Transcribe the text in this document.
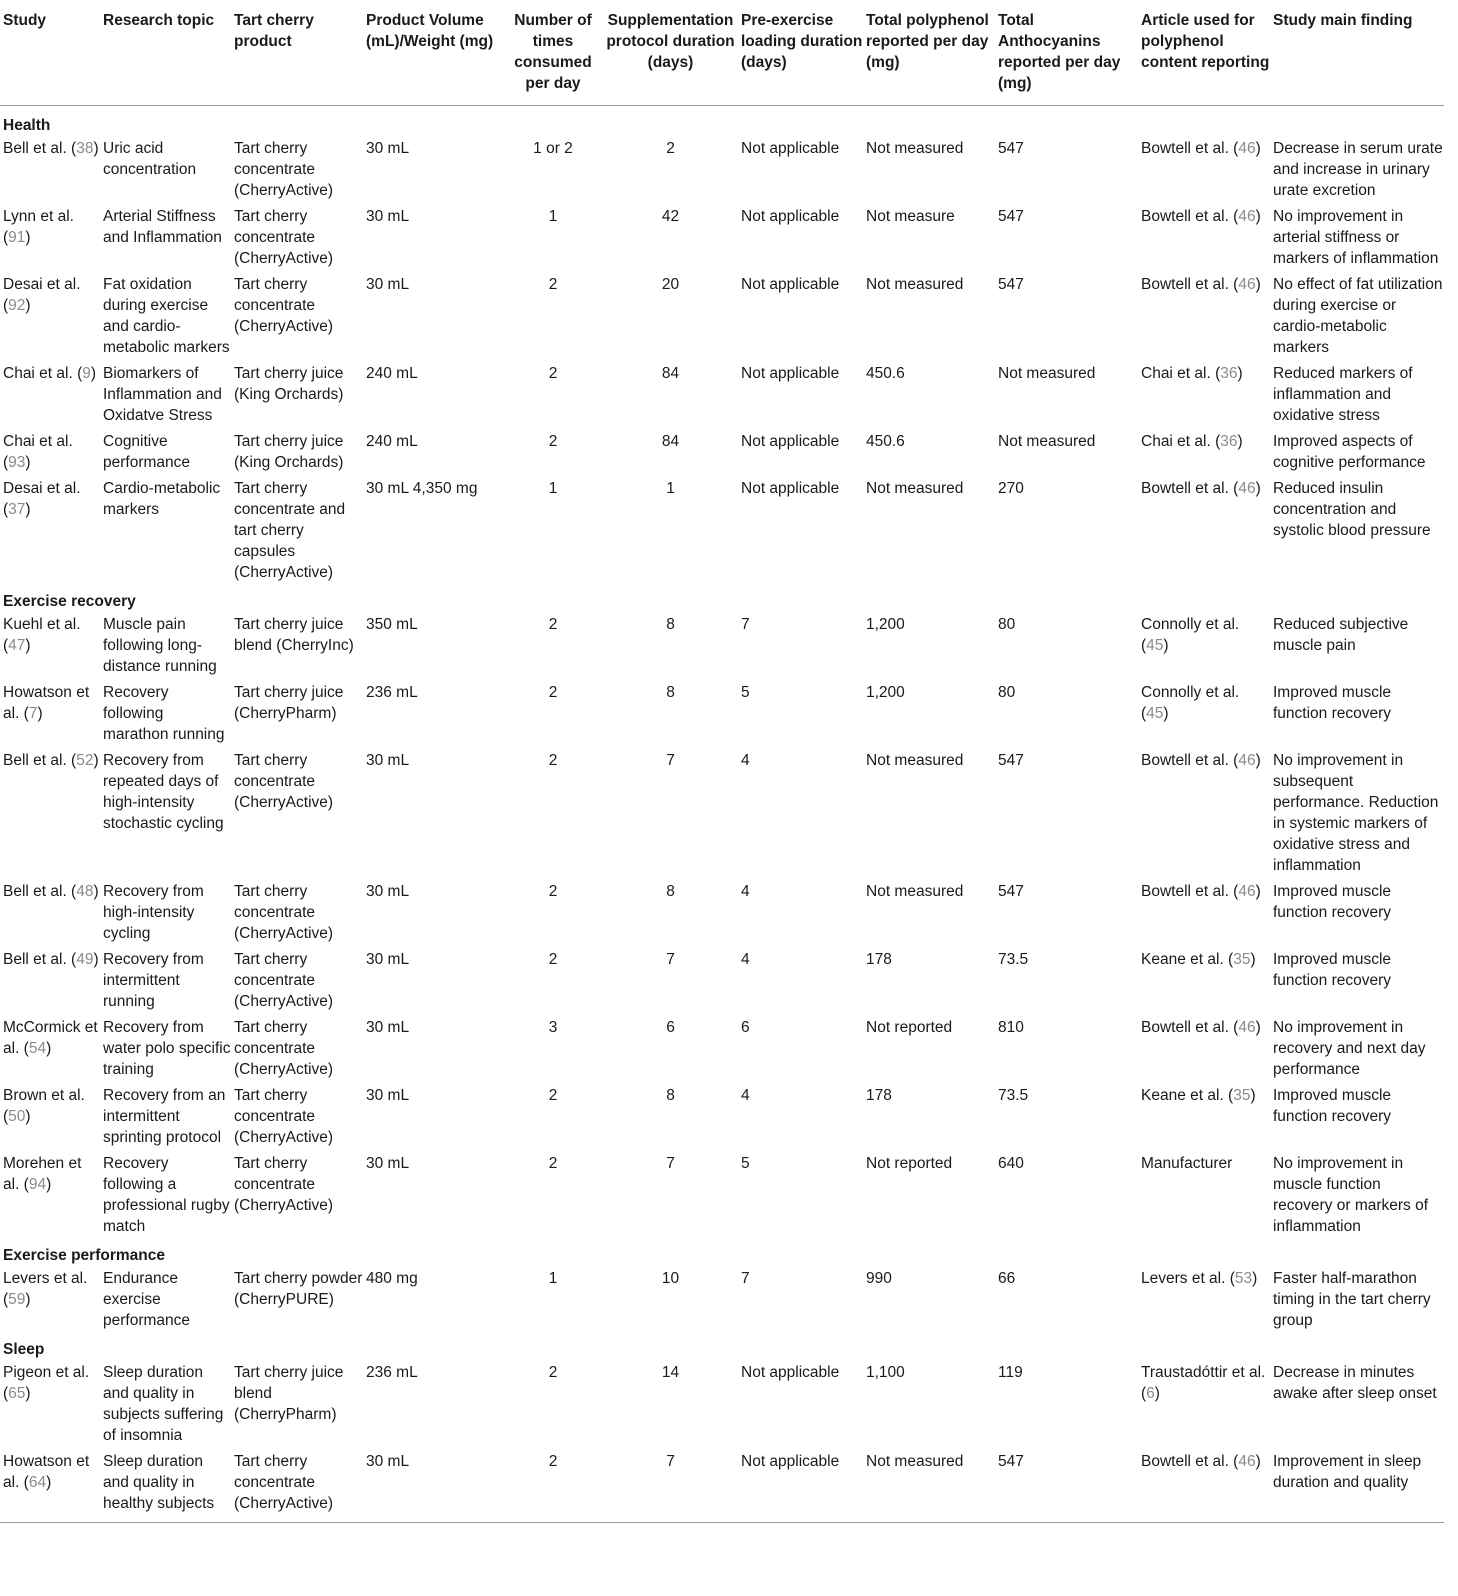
Study	Research topic	Tart cherry product	Product Volume (mL)/Weight (mg)	Number of times consumed per day	Supplementation protocol duration (days)	Pre-exercise loading duration (days)	Total polyphenol reported per day (mg)	Total Anthocyanins reported per day (mg)	Article used for polyphenol content reporting	Study main finding
Health										
Bell et al. (38)	Uric acid concentration	Tart cherry concentrate (CherryActive)	30 mL	1 or 2	2	Not applicable	Not measured	547	Bowtell et al. (46)	Decrease in serum urate and increase in urinary urate excretion
Lynn et al. (91)	Arterial Stiffness and Inflammation	Tart cherry concentrate (CherryActive)	30 mL	1	42	Not applicable	Not measure	547	Bowtell et al. (46)	No improvement in arterial stiffness or markers of inflammation
Desai et al. (92)	Fat oxidation during exercise and cardio-metabolic markers	Tart cherry concentrate (CherryActive)	30 mL	2	20	Not applicable	Not measured	547	Bowtell et al. (46)	No effect of fat utilization during exercise or cardio-metabolic markers
Chai et al. (9)	Biomarkers of Inflammation and Oxidatve Stress	Tart cherry juice (King Orchards)	240 mL	2	84	Not applicable	450.6	Not measured	Chai et al. (36)	Reduced markers of inflammation and oxidative stress
Chai et al. (93)	Cognitive performance	Tart cherry juice (King Orchards)	240 mL	2	84	Not applicable	450.6	Not measured	Chai et al. (36)	Improved aspects of cognitive performance
Desai et al. (37)	Cardio-metabolic markers	Tart cherry concentrate and tart cherry capsules (CherryActive)	30 mL 4,350 mg	1	1	Not applicable	Not measured	270	Bowtell et al. (46)	Reduced insulin concentration and systolic blood pressure
Exercise recovery										
Kuehl et al. (47)	Muscle pain following long-distance running	Tart cherry juice blend (CherryInc)	350 mL	2	8	7	1,200	80	Connolly et al. (45)	Reduced subjective muscle pain
Howatson et al. (7)	Recovery following marathon running	Tart cherry juice (CherryPharm)	236 mL	2	8	5	1,200	80	Connolly et al. (45)	Improved muscle function recovery
Bell et al. (52)	Recovery from repeated days of high-intensity stochastic cycling	Tart cherry concentrate (CherryActive)	30 mL	2	7	4	Not measured	547	Bowtell et al. (46)	No improvement in subsequent performance. Reduction in systemic markers of oxidative stress and inflammation
Bell et al. (48)	Recovery from high-intensity cycling	Tart cherry concentrate (CherryActive)	30 mL	2	8	4	Not measured	547	Bowtell et al. (46)	Improved muscle function recovery
Bell et al. (49)	Recovery from intermittent running	Tart cherry concentrate (CherryActive)	30 mL	2	7	4	178	73.5	Keane et al. (35)	Improved muscle function recovery
McCormick et al. (54)	Recovery from water polo specific training	Tart cherry concentrate (CherryActive)	30 mL	3	6	6	Not reported	810	Bowtell et al. (46)	No improvement in recovery and next day performance
Brown et al. (50)	Recovery from an intermittent sprinting protocol	Tart cherry concentrate (CherryActive)	30 mL	2	8	4	178	73.5	Keane et al. (35)	Improved muscle function recovery
Morehen et al. (94)	Recovery following a professional rugby match	Tart cherry concentrate (CherryActive)	30 mL	2	7	5	Not reported	640	Manufacturer	No improvement in muscle function recovery or markers of inflammation
Exercise performance										
Levers et al. (59)	Endurance exercise performance	Tart cherry powder (CherryPURE)	480 mg	1	10	7	990	66	Levers et al. (53)	Faster half-marathon timing in the tart cherry group
Sleep										
Pigeon et al. (65)	Sleep duration and quality in subjects suffering of insomnia	Tart cherry juice blend (CherryPharm)	236 mL	2	14	Not applicable	1,100	119	Traustadóttir et al. (6)	Decrease in minutes awake after sleep onset
Howatson et al. (64)	Sleep duration and quality in healthy subjects	Tart cherry concentrate (CherryActive)	30 mL	2	7	Not applicable	Not measured	547	Bowtell et al. (46)	Improvement in sleep duration and quality
